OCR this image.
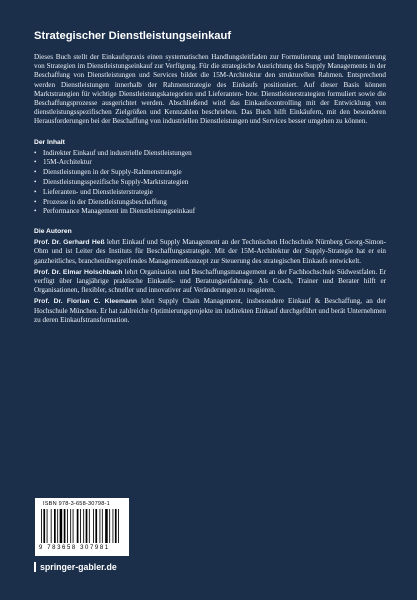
Strategischer Dienstleistungseinkauf

Dieses Buch stellt der Einkaufspraxis einen systematischen Handlungsleitfaden zur Formulierung und Implementierung von Strategien im Dienstleistungseinkauf zur Verfügung. Für die strategische Ausrichtung des Supply Managements in der Beschaffung von Dienstleistungen und Services bildet die 15M-Architektur den strukturellen Rahmen. Entsprechend werden Dienstleistungen innerhalb der Rahmenstrategie des Einkaufs positioniert. Auf dieser Basis können Marktstrategien für wichtige Dienstleistungskategorien und Lieferanten- bzw. Dienstleisterstrategien formuliert sowie die Beschaffungsprozesse ausgerichtet werden. Abschließend wird das Einkaufscontrolling mit der Entwicklung von dienstleistungsspezifischen Zielgrößen und Kennzahlen beschrieben. Das Buch hilft Einkäufern, mit den besonderen Herausforderungen bei der Beschaffung von industriellen Dienstleistungen und Services besser umgehen zu können.

Der Inhalt
• Indirekter Einkauf und industrielle Dienstleistungen
• 15M-Architektur
• Dienstleistungen in der Supply-Rahmenstrategie
• Dienstleistungsspezifische Supply-Marktstrategien
• Lieferanten- und Dienstleisterstrategie
• Prozesse in der Dienstleistungsbeschaffung
• Performance Management im Dienstleistungseinkauf
Die Autoren

Prof. Dr. Gerhard Heß lehrt Einkauf und Supply Management an der Technischen Hochschule Nürnberg Georg-Simon-Ohm und ist Leiter des Instituts für Beschaffungsstrategie. Mit der 15M-Architektur der Supply-Strategie hat er ein ganzheitliches, branchenübergreifendes Managementkonzept zur Steuerung des strategischen Einkaufs entwickelt.

Prof. Dr. Elmar Holschbach lehrt Organisation und Beschaffungsmanagement an der Fachhochschule Südwestfalen. Er verfügt über langjährige praktische Einkaufs- und Beratungserfahrung. Als Coach, Trainer und Berater hilft er Organisationen, flexibler, schneller und innovativer auf Veränderungen zu reagieren.

Prof. Dr. Florian C. Kleemann lehrt Supply Chain Management, insbesondere Einkauf & Beschaffung, an der Hochschule München. Er hat zahlreiche Optimierungsprojekte im indirekten Einkauf durchgeführt und berät Unternehmen zu deren Einkaufstransformation.

ISBN 978-3-658-30798-1
9 783658 307981
springer-gabler.de
